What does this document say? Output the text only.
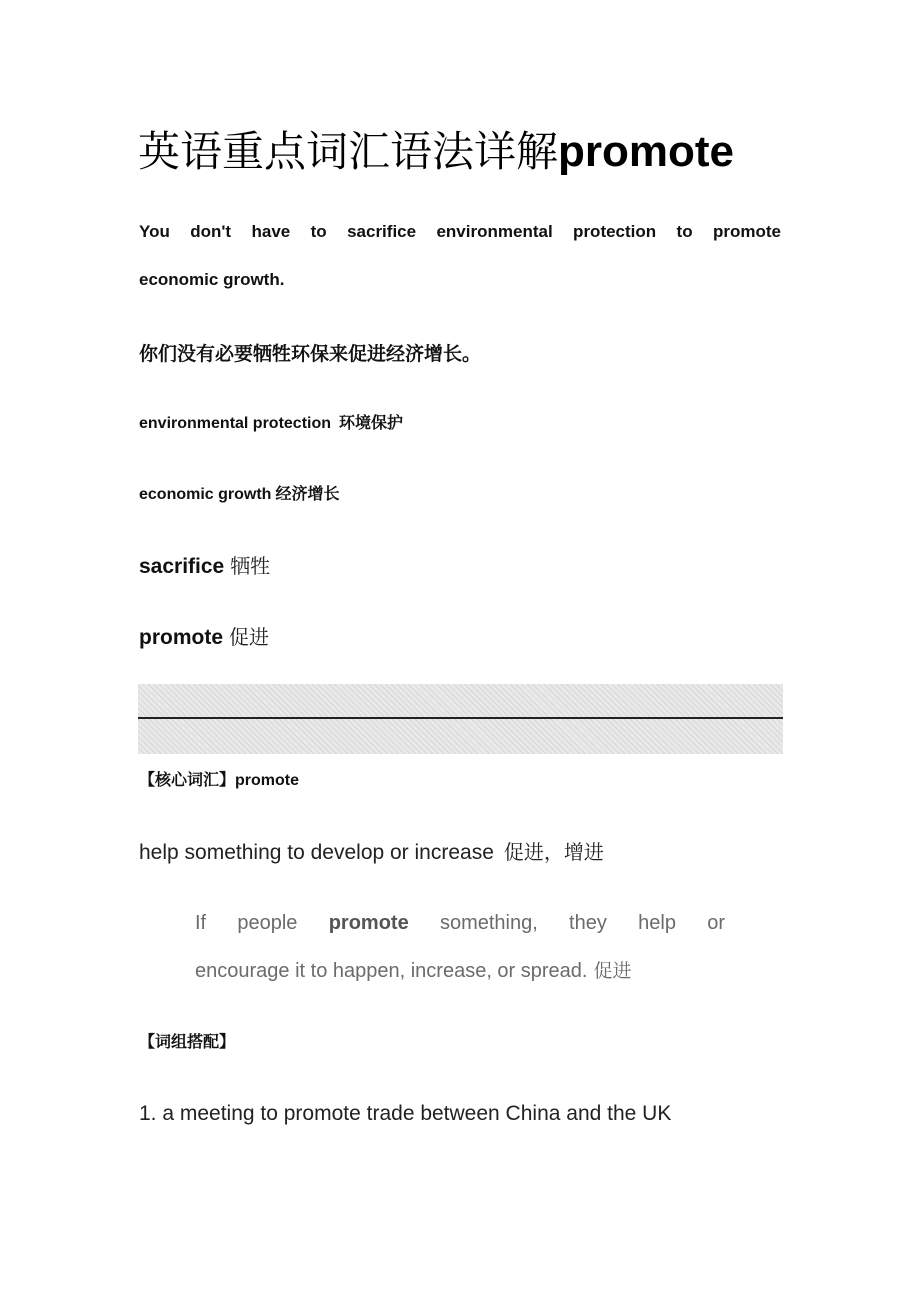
英语重点词汇语法详解promote
You don't have to sacrifice environmental protection to promote
economic growth.
你们没有必要牺牲环保来促进经济增长。
environmental protection 环境保护
economic growth 经济增长
sacrifice 牺牲
promote 促进
【核心词汇】promote
help something to develop or increase 促进，增进
If people promote something, they help or
encourage it to happen, increase, or spread. 促进
【词组搭配】
1. a meeting to promote trade between China and the UK
